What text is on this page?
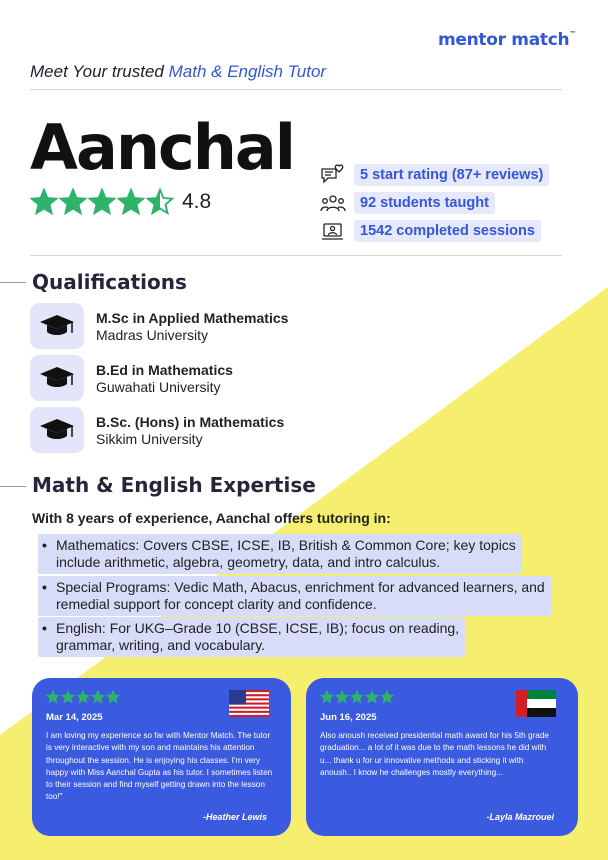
mentor match™
Meet Your trusted Math & English Tutor
Aanchal
4.8
5 start rating (87+ reviews)
92 students taught
1542 completed sessions
Qualifications
M.Sc in Applied Mathematics
Madras University
B.Ed in Mathematics
Guwahati University
B.Sc. (Hons) in Mathematics
Sikkim University
Math & English Expertise
With 8 years of experience, Aanchal offers tutoring in:
• Mathematics: Covers CBSE, ICSE, IB, British & Common Core; key topics
include arithmetic, algebra, geometry, data, and intro calculus.
• Special Programs: Vedic Math, Abacus, enrichment for advanced learners, and
remedial support for concept clarity and confidence.
• English: For UKG–Grade 10 (CBSE, ICSE, IB); focus on reading,
grammar, writing, and vocabulary.
Mar 14, 2025
I am loving my experience so far with Mentor Match. The tutor is very interactive with my son and maintains his attention throughout the session. He is enjoying his classes. I'm very happy with Miss Aanchal Gupta as his tutor. I sometimes listen to their session and find myself getting drawn into the lesson too!"
-Heather Lewis
Jun 16, 2025
Also anoush received presidential math award for his 5th grade graduation... a lot of it was due to the math lessons he did with u... thank u for ur innovative methods and sticking it with anoush.. I know he challenges mostly everything...
-Layla Mazrouei
